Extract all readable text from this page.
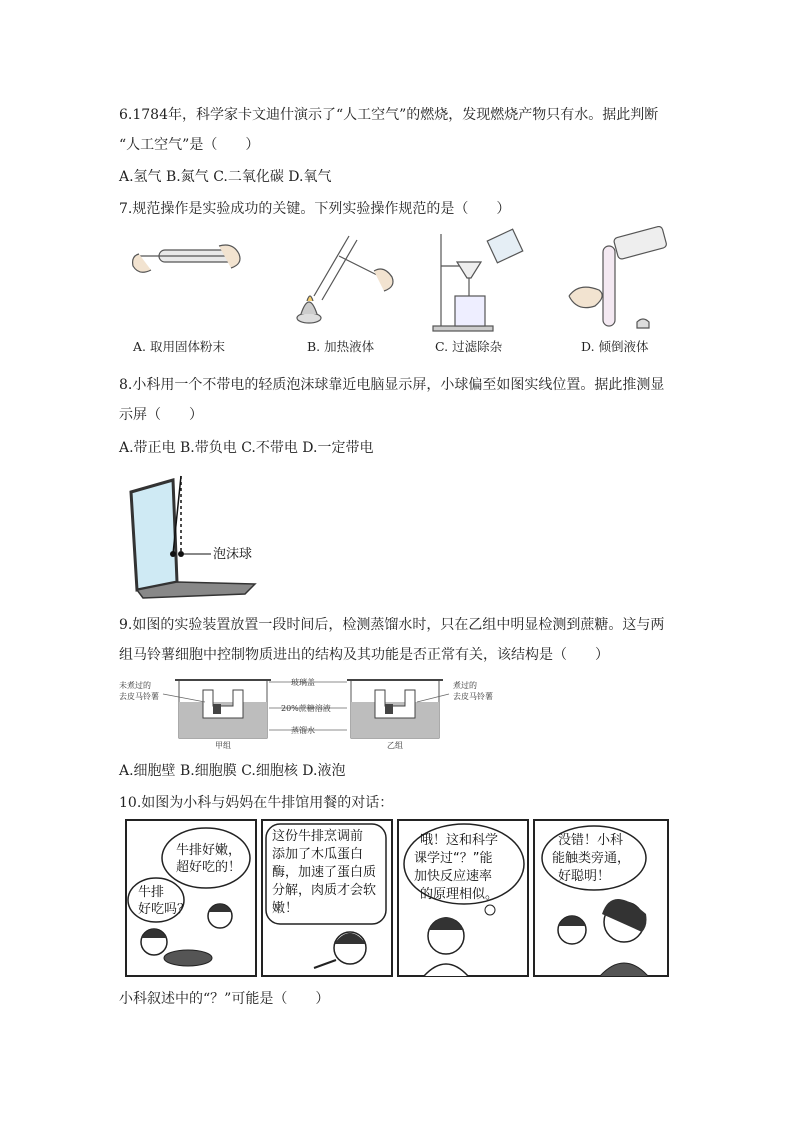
6.1784年，科学家卡文迪什演示了“人工空气”的燃烧，发现燃烧产物只有水。据此判断
“人工空气”是（　　）
A.氢气 B.氮气 C.二氧化碳 D.氧气
7.规范操作是实验成功的关键。下列实验操作规范的是（　　）
A. 取用固体粉末	B. 加热液体	C. 过滤除杂	D. 倾倒液体
8.小科用一个不带电的轻质泡沫球靠近电脑显示屏，小球偏至如图实线位置。据此推测显
示屏（　　）
A.带正电 B.带负电 C.不带电 D.一定带电
泡沫球
9.如图的实验装置放置一段时间后，检测蒸馏水时，只在乙组中明显检测到蔗糖。这与两
组马铃薯细胞中控制物质进出的结构及其功能是否正常有关，该结构是（　　）
未煮过的
去皮马铃薯
玻璃盖
20%蔗糖溶液
蒸馏水
煮过的
去皮马铃薯
甲组	乙组
A.细胞壁 B.细胞膜 C.细胞核 D.液泡
10.如图为小科与妈妈在牛排馆用餐的对话：
牛排好嫩，
超好吃的！
牛排
好吃吗？
这份牛排烹调前
添加了木瓜蛋白
酶，加速了蛋白质
分解，肉质才会软
嫩！
哦！这和科学
课学过“？”能
加快反应速率
的原理相似。
没错！小科
能触类旁通，
好聪明！
小科叙述中的“？”可能是（　　）
